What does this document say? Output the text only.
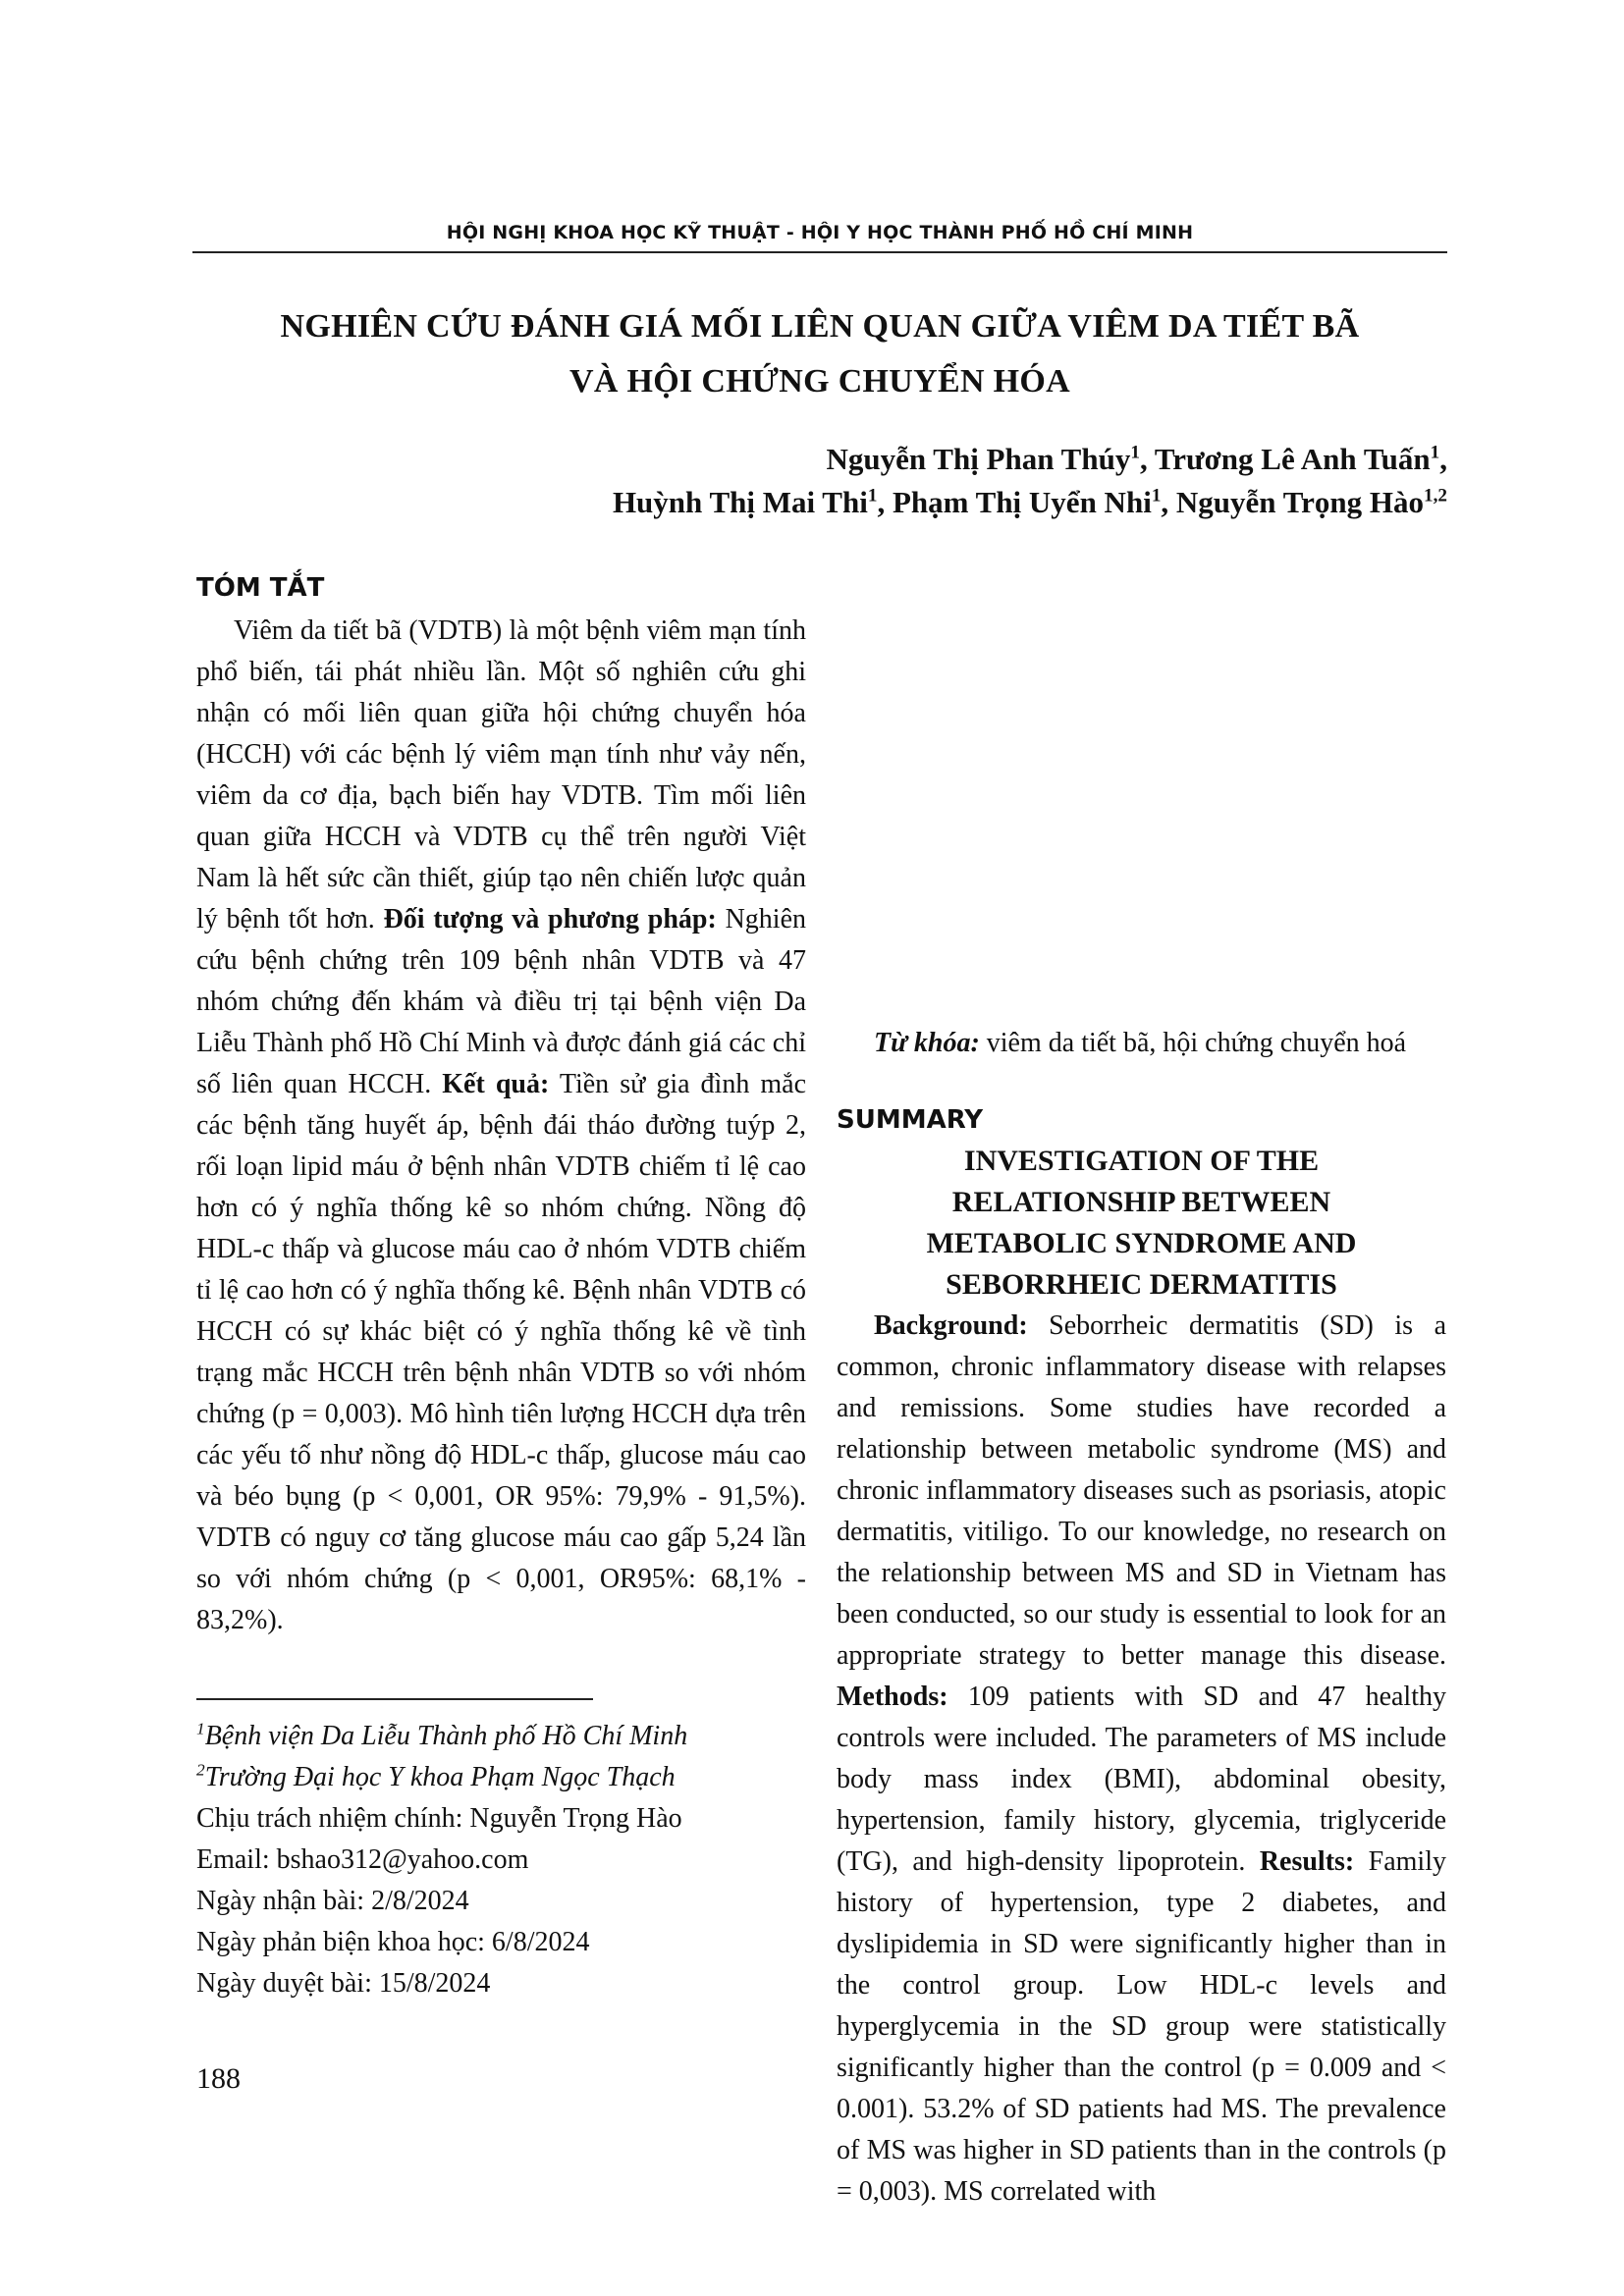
HỘI NGHỊ KHOA HỌC KỸ THUẬT - HỘI Y HỌC THÀNH PHỐ HỒ CHÍ MINH
NGHIÊN CỨU ĐÁNH GIÁ MỐI LIÊN QUAN GIỮA VIÊM DA TIẾT BÃ
VÀ HỘI CHỨNG CHUYỂN HÓA
Nguyễn Thị Phan Thúy$^1$, Trương Lê Anh Tuấn$^1$,
Huỳnh Thị Mai Thi$^1$, Phạm Thị Uyển Nhi$^1$, Nguyễn Trọng Hào$^{1,2}$
TÓM TẮT

Viêm da tiết bã (VDTB) là một bệnh viêm mạn tính phổ biến, tái phát nhiều lần. Một số nghiên cứu ghi nhận có mối liên quan giữa hội chứng chuyển hóa (HCCH) với các bệnh lý viêm mạn tính như vảy nến, viêm da cơ địa, bạch biến hay VDTB. Tìm mối liên quan giữa HCCH và VDTB cụ thể trên người Việt Nam là hết sức cần thiết, giúp tạo nên chiến lược quản lý bệnh tốt hơn. Đối tượng và phương pháp: Nghiên cứu bệnh chứng trên 109 bệnh nhân VDTB và 47 nhóm chứng đến khám và điều trị tại bệnh viện Da Liễu Thành phố Hồ Chí Minh và được đánh giá các chỉ số liên quan HCCH. Kết quả: Tiền sử gia đình mắc các bệnh tăng huyết áp, bệnh đái tháo đường tuýp 2, rối loạn lipid máu ở bệnh nhân VDTB chiếm tỉ lệ cao hơn có ý nghĩa thống kê so nhóm chứng. Nồng độ HDL-c thấp và glucose máu cao ở nhóm VDTB chiếm tỉ lệ cao hơn có ý nghĩa thống kê. Bệnh nhân VDTB có HCCH có sự khác biệt có ý nghĩa thống kê về tình trạng mắc HCCH trên bệnh nhân VDTB so với nhóm chứng (p = 0,003). Mô hình tiên lượng HCCH dựa trên các yếu tố như nồng độ HDL-c thấp, glucose máu cao và béo bụng (p < 0,001, OR 95%: 79,9% - 91,5%). VDTB có nguy cơ tăng glucose máu cao gấp 5,24 lần so với nhóm chứng (p < 0,001, OR95%: 68,1% - 83,2%).

Từ khóa: viêm da tiết bã, hội chứng chuyển hoá

SUMMARY
INVESTIGATION OF THE
RELATIONSHIP BETWEEN
METABOLIC SYNDROME AND
SEBORRHEIC DERMATITIS

Background: Seborrheic dermatitis (SD) is a common, chronic inflammatory disease with relapses and remissions. Some studies have recorded a relationship between metabolic syndrome (MS) and chronic inflammatory diseases such as psoriasis, atopic dermatitis, vitiligo. To our knowledge, no research on the relationship between MS and SD in Vietnam has been conducted, so our study is essential to look for an appropriate strategy to better manage this disease. Methods: 109 patients with SD and 47 healthy controls were included. The parameters of MS include body mass index (BMI), abdominal obesity, hypertension, family history, glycemia, triglyceride (TG), and high-density lipoprotein. Results: Family history of hypertension, type 2 diabetes, and dyslipidemia in SD were significantly higher than in the control group. Low HDL-c levels and hyperglycemia in the SD group were statistically significantly higher than the control (p = 0.009 and < 0.001). 53.2% of SD patients had MS. The prevalence of MS was higher in SD patients than in the controls (p = 0,003). MS correlated with

$^1$Bệnh viện Da Liễu Thành phố Hồ Chí Minh

$^2$Trường Đại học Y khoa Phạm Ngọc Thạch

Chịu trách nhiệm chính: Nguyễn Trọng Hào

Email: bshao312@yahoo.com

Ngày nhận bài: 2/8/2024

Ngày phản biện khoa học: 6/8/2024

Ngày duyệt bài: 15/8/2024

188
